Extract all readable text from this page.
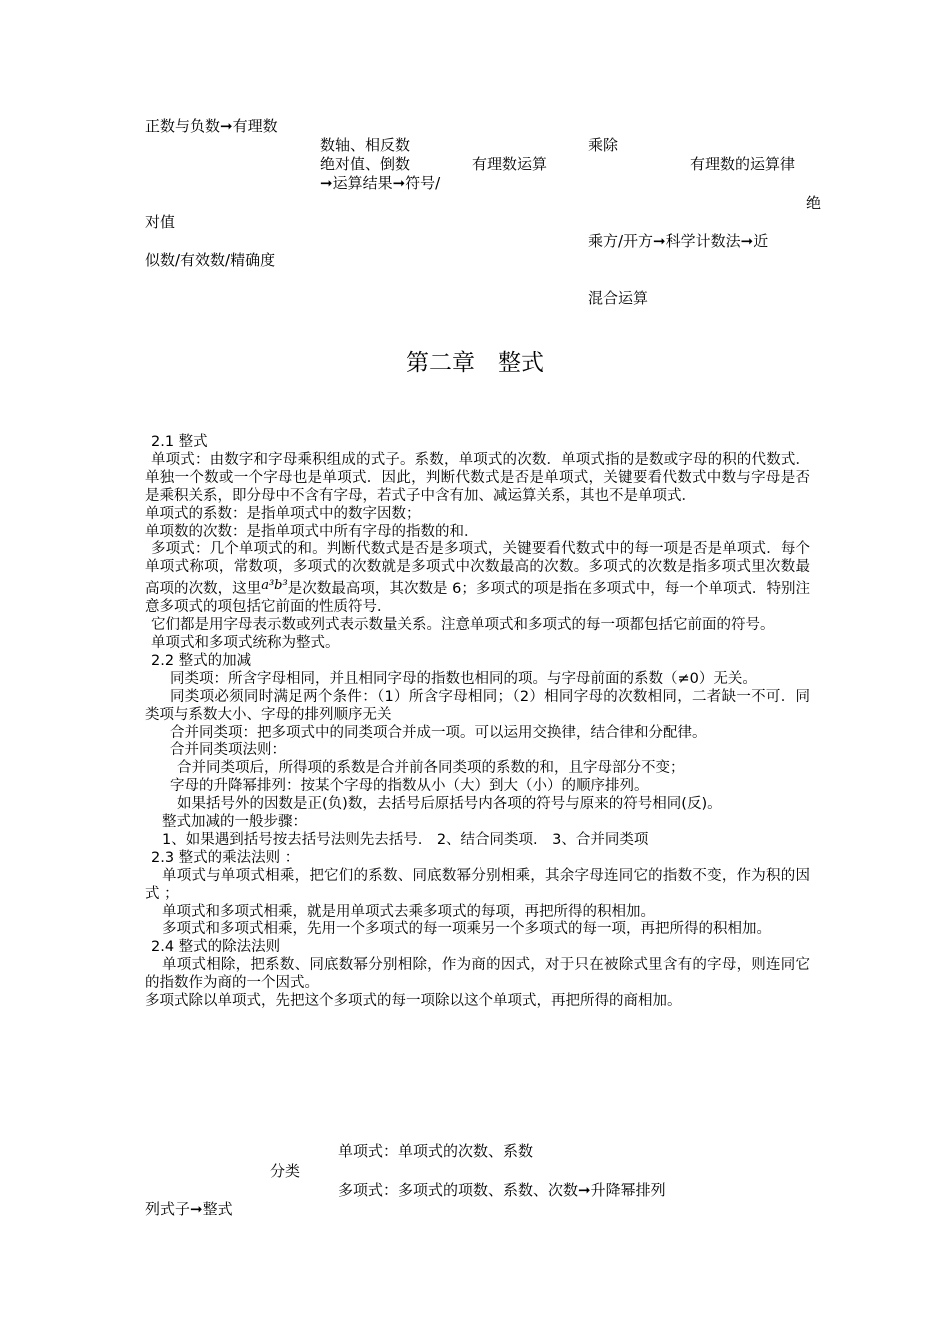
正数与负数➞有理数
数轴、相反数	乘除
绝对值、倒数	有理数运算	有理数的运算律
➞运算结果➞符号/
绝
对值
乘方/开方➞科学计数法➞近
似数/有效数/精确度
混合运算
第二章　整式

2.1 整式

单项式：由数字和字母乘积组成的式子。系数，单项式的次数．单项式指的是数或字母的积的代数式．单独一个数或一个字母也是单项式．因此，判断代数式是否是单项式，关键要看代数式中数与字母是否是乘积关系，即分母中不含有字母，若式子中含有加、减运算关系，其也不是单项式．

单项式的系数：是指单项式中的数字因数；

单项数的次数：是指单项式中所有字母的指数的和．

多项式：几个单项式的和。判断代数式是否是多项式，关键要看代数式中的每一项是否是单项式．每个单项式称项，常数项，多项式的次数就是多项式中次数最高的次数。多项式的次数是指多项式里次数最高项的次数，这里a³b³是次数最高项，其次数是 6；多项式的项是指在多项式中，每一个单项式．特别注意多项式的项包括它前面的性质符号．

它们都是用字母表示数或列式表示数量关系。注意单项式和多项式的每一项都包括它前面的符号。

单项式和多项式统称为整式。

2.2 整式的加减

同类项：所含字母相同，并且相同字母的指数也相同的项。与字母前面的系数（≠0）无关。

同类项必须同时满足两个条件：（1）所含字母相同；（2）相同字母的次数相同，二者缺一不可．同类项与系数大小、字母的排列顺序无关

合并同类项：把多项式中的同类项合并成一项。可以运用交换律，结合律和分配律。

合并同类项法则：

合并同类项后，所得项的系数是合并前各同类项的系数的和，且字母部分不变；

字母的升降幂排列：按某个字母的指数从小（大）到大（小）的顺序排列。

如果括号外的因数是正(负)数，去括号后原括号内各项的符号与原来的符号相同(反)。

整式加减的一般步骤：

1、如果遇到括号按去括号法则先去括号.　2、结合同类项.　3、合并同类项

2.3 整式的乘法法则 ：

单项式与单项式相乘，把它们的系数、同底数幂分别相乘，其余字母连同它的指数不变，作为积的因式 ；

单项式和多项式相乘，就是用单项式去乘多项式的每项，再把所得的积相加。

多项式和多项式相乘，先用一个多项式的每一项乘另一个多项式的每一项，再把所得的积相加。

2.4 整式的除法法则

单项式相除，把系数、同底数幂分别相除，作为商的因式，对于只在被除式里含有的字母，则连同它的指数作为商的一个因式。

多项式除以单项式，先把这个多项式的每一项除以这个单项式，再把所得的商相加。

单项式：单项式的次数、系数
分类
多项式：多项式的项数、系数、次数➞升降幂排列
列式子➞整式
